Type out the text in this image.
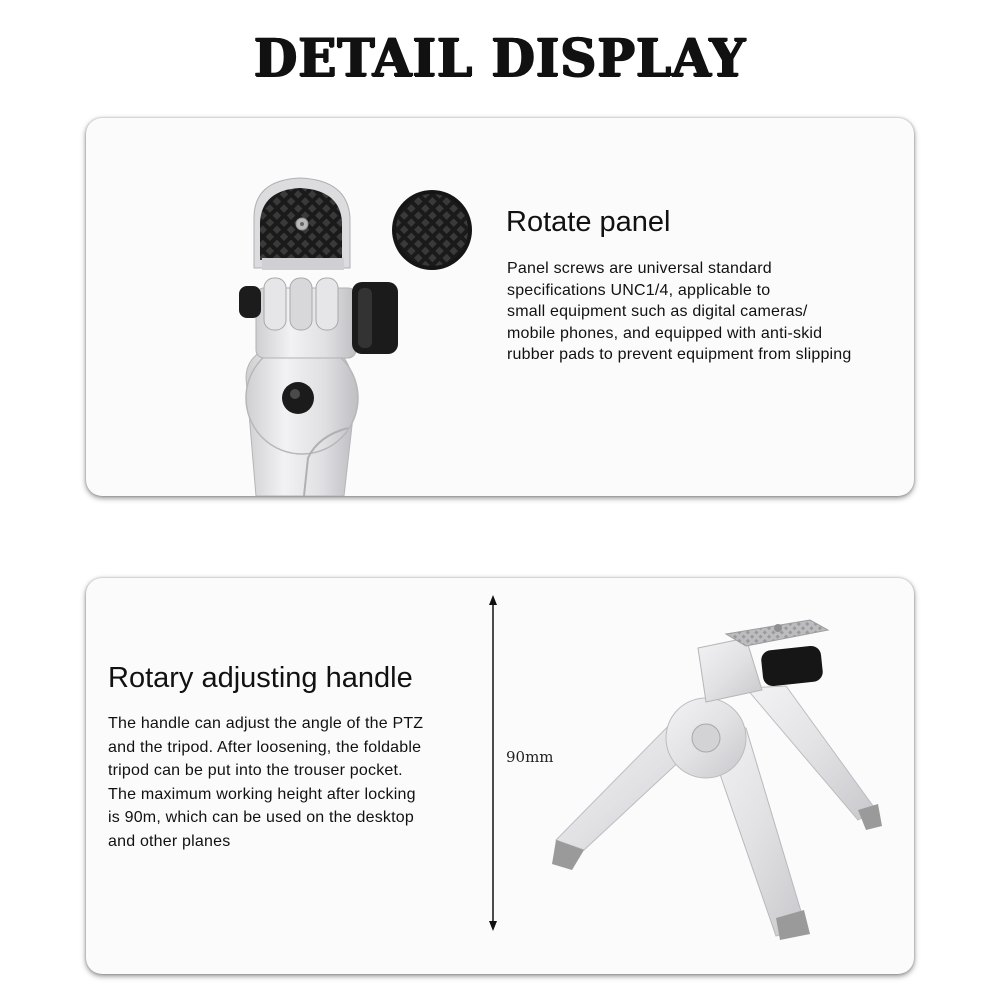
DETAIL DISPLAY
Rotate panel
Panel screws are universal standard
specifications UNC1/4, applicable to
small equipment such as digital cameras/
mobile phones, and equipped with anti-skid
rubber pads to prevent equipment from slipping
Rotary adjusting handle
The handle can adjust the angle of the PTZ
and the tripod. After loosening, the foldable
tripod can be put into the trouser pocket.
The maximum working height after locking
is 90m, which can be used on the desktop
and other planes
90mm
